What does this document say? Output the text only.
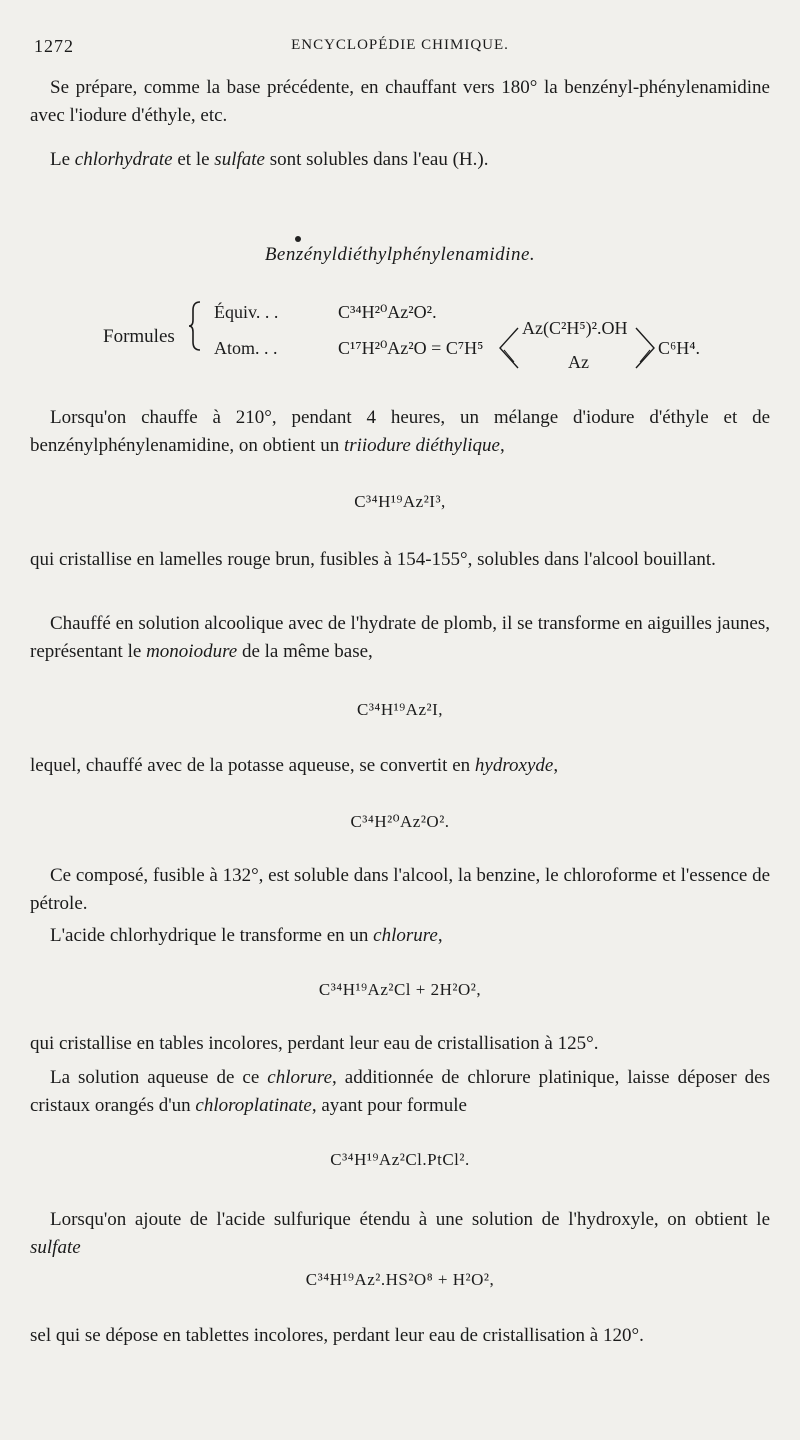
1272	ENCYCLOPÉDIE CHIMIQUE.

Se prépare, comme la base précédente, en chauffant vers 180° la benzényl-phénylenamidine avec l'iodure d'éthyle, etc.

Le chlorhydrate et le sulfate sont solubles dans l'eau (H.).

Benzényldiéthylphénylenamidine.
Formules
Équiv. . .	C³⁴H²⁰Az²O².
Atom. . .	C¹⁷H²⁰Az²O = C⁷H⁵
Az(C²H⁵)².OH
Az
C⁶H⁴.

Lorsqu'on chauffe à 210°, pendant 4 heures, un mélange d'iodure d'éthyle et de benzénylphénylenamidine, on obtient un triiodure diéthylique,

C³⁴H¹⁹Az²I³,

qui cristallise en lamelles rouge brun, fusibles à 154-155°, solubles dans l'alcool bouillant.

Chauffé en solution alcoolique avec de l'hydrate de plomb, il se transforme en aiguilles jaunes, représentant le monoiodure de la même base,

C³⁴H¹⁹Az²I,

lequel, chauffé avec de la potasse aqueuse, se convertit en hydroxyde,

C³⁴H²⁰Az²O².

Ce composé, fusible à 132°, est soluble dans l'alcool, la benzine, le chloroforme et l'essence de pétrole.

L'acide chlorhydrique le transforme en un chlorure,

C³⁴H¹⁹Az²Cl + 2H²O²,

qui cristallise en tables incolores, perdant leur eau de cristallisation à 125°.

La solution aqueuse de ce chlorure, additionnée de chlorure platinique, laisse déposer des cristaux orangés d'un chloroplatinate, ayant pour formule

C³⁴H¹⁹Az²Cl.PtCl².

Lorsqu'on ajoute de l'acide sulfurique étendu à une solution de l'hydroxyle, on obtient le sulfate

C³⁴H¹⁹Az².HS²O⁸ + H²O²,

sel qui se dépose en tablettes incolores, perdant leur eau de cristallisation à 120°.
